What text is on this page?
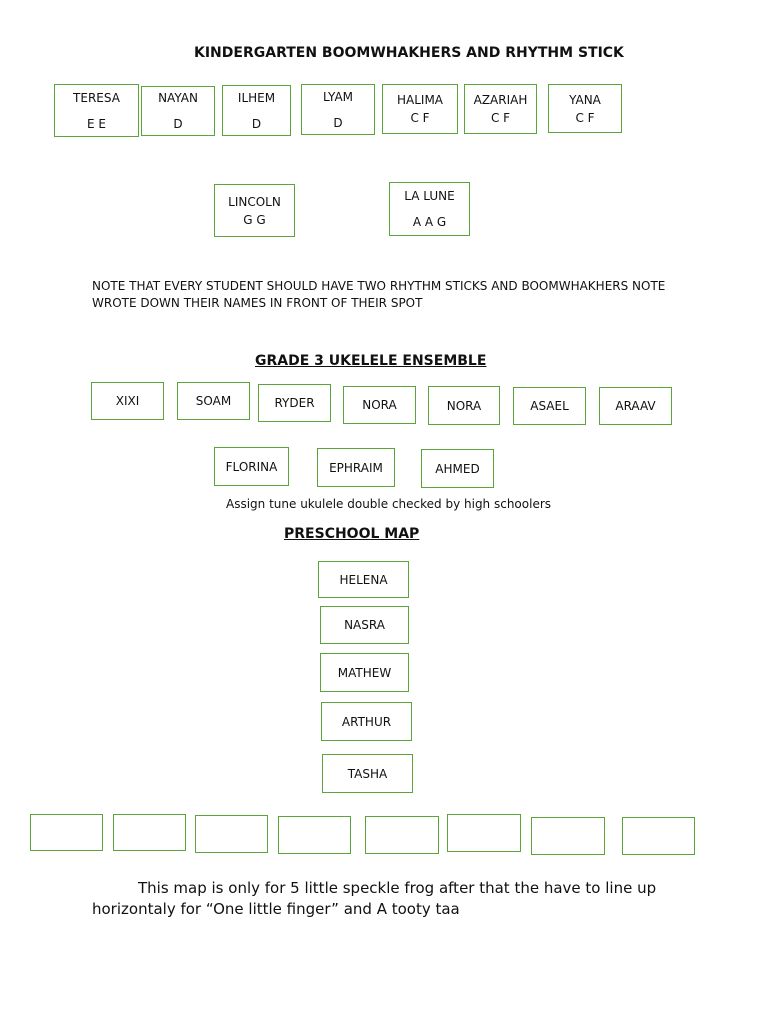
KINDERGARTEN BOOMWHAKHERS AND RHYTHM STICK
TERESA
E E
NAYAN
D
ILHEM
D
LYAM
D
HALIMA
C F
AZARIAH
C F
YANA
C F
LINCOLN
G G
LA LUNE
A A G
NOTE THAT EVERY STUDENT SHOULD HAVE TWO RHYTHM STICKS AND BOOMWHAKHERS NOTE
WROTE DOWN THEIR NAMES IN FRONT OF THEIR SPOT
GRADE 3 UKELELE ENSEMBLE
XIXI	SOAM	RYDER	NORA	NORA	ASAEL	ARAAV
FLORINA	EPHRAIM	AHMED
Assign tune ukulele double checked by high schoolers
PRESCHOOL MAP
HELENA
NASRA
MATHEW
ARTHUR
TASHA
This map is only for 5 little speckle frog after that the have to line up
horizontaly for “One little finger” and A tooty taa
